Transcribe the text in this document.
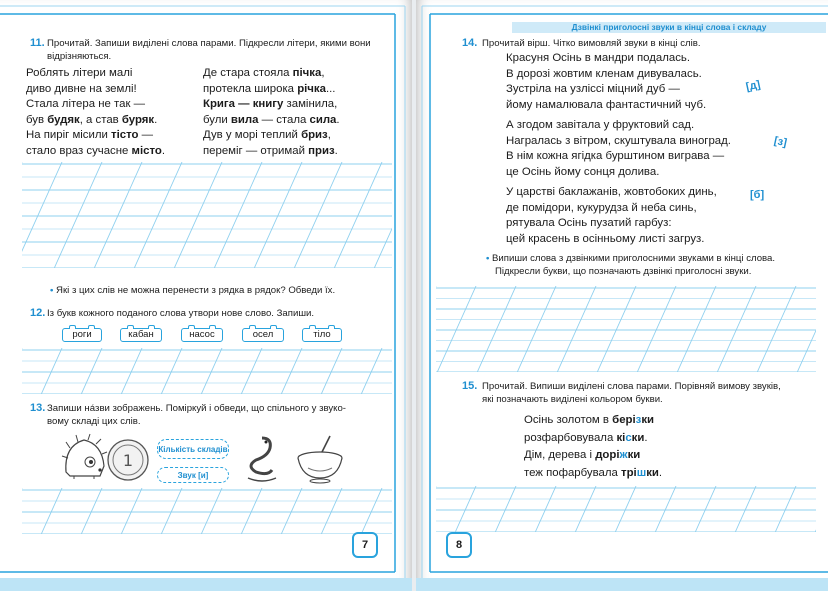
11. Прочитай. Запиши виділені слова парами. Підкресли літери, якими вони відрізняються.
Роблять літери малі
диво дивне на землі!
Стала літера не так —
був будяк, а став буряк.
На пиріг місили тісто —
стало враз сучасне місто.
Де стара стояла пічка,
протекла широка річка...
Крига — книгу замінила,
були вила — стала сила.
Дув у морі теплий бриз,
переміг — отримай приз.
• Які з цих слів не можна перенести з рядка в рядок? Обведи їх.
12. Із букв кожного поданого слова утвори нове слово. Запиши.
роги	кабан	насос	осел	тіло
13. Запиши нáзви зображень. Поміркуй і обведи, що спільного у звуко-
вому складі цих слів.
1
Кількість складів
Звук [и]
7
Дзвінкі приголосні звуки в кінці слова і складу
14. Прочитай вірш. Чітко вимовляй звуки в кінці слів.
Красуня Осінь в мандри подалась.
В дорозі жовтим кленам дивувалась.
Зустріла на узліссі міцний дуб —
йому намалювала фантастичний чуб.
А згодом завітала у фруктовий сад.
Награлась з вітром, скуштувала виноград.
В нім кожна ягідка бурштином виграва —
це Осінь йому сонця долива.
У царстві баклажанів, жовтобоких динь,
де помідори, кукурудза й неба синь,
рятувала Осінь пузатий гарбуз:
цей красень в осінньому листі загруз.
[д]
[з]
[б]
• Випиши слова з дзвінкими приголосними звуками в кінці слова.
Підкресли букви, що позначають дзвінкі приголосні звуки.
15. Прочитай. Випиши виділені слова парами. Порівняй вимову звуків,
які позначають виділені кольором букви.
Осінь золотом в берізки
розфарбовувала кіски.
Дім, дерева і доріжки
теж пофарбувала трішки.
8
